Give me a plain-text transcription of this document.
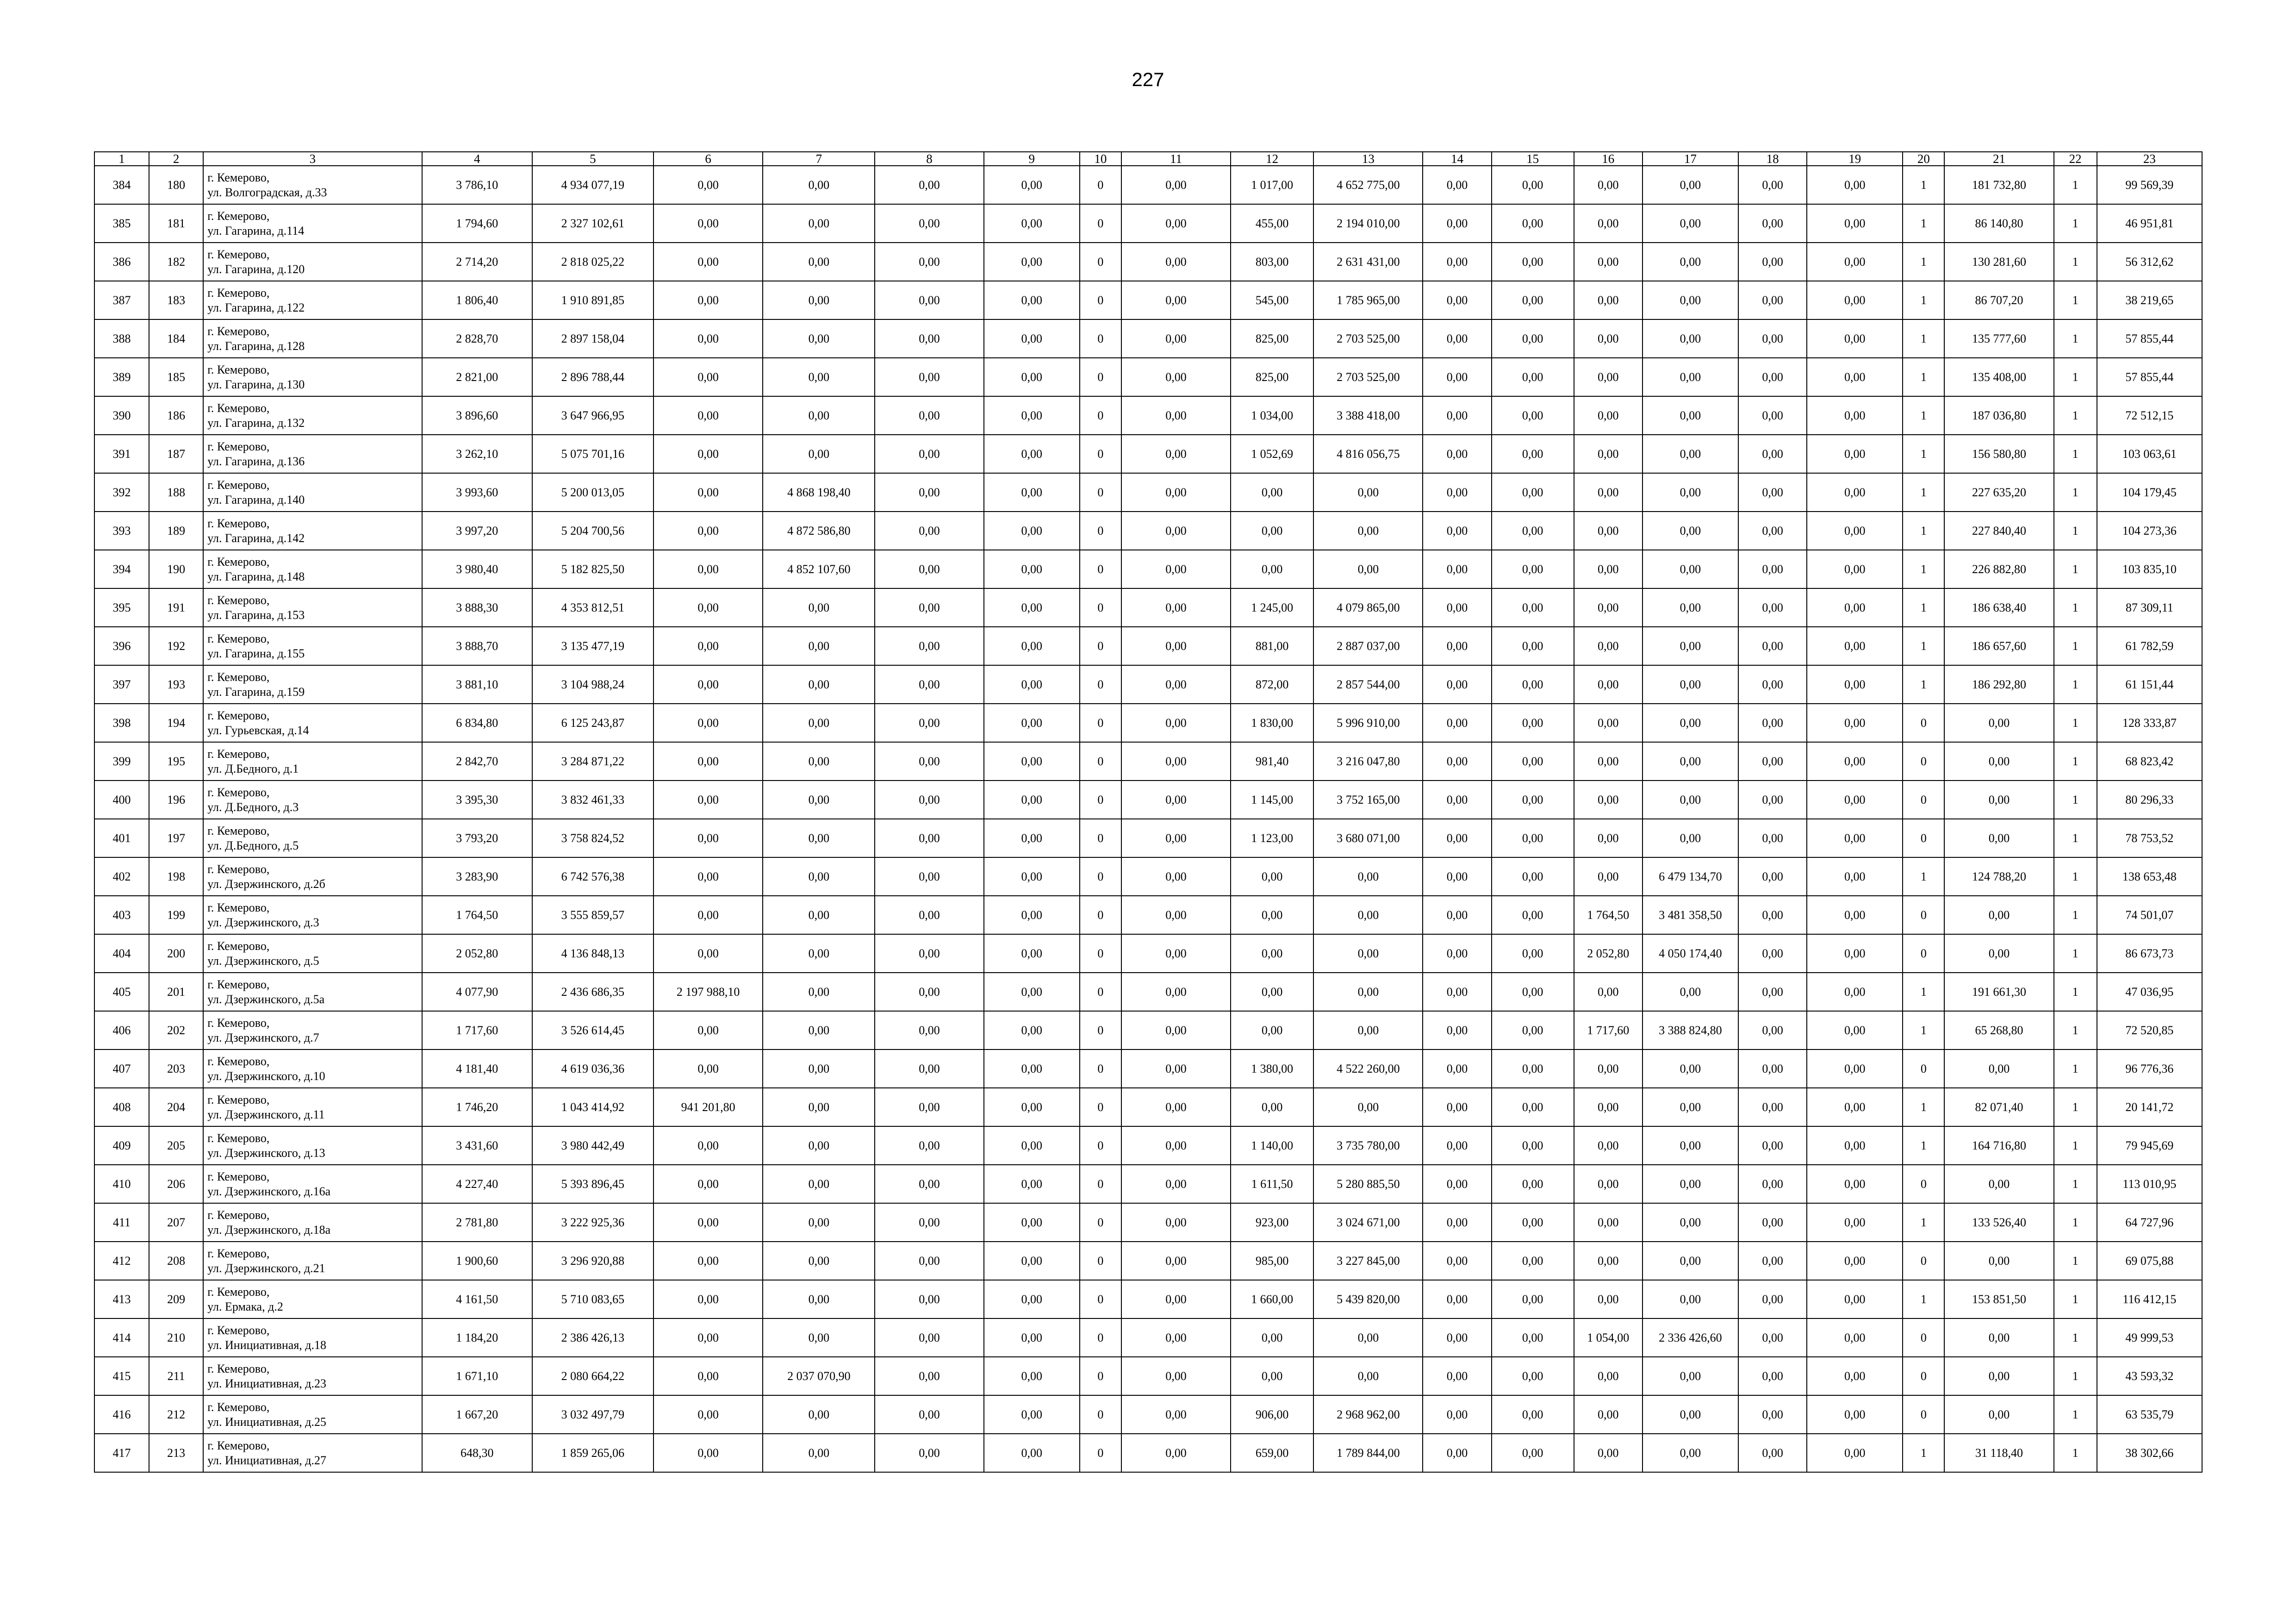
227
1	2	3	4	5	6	7	8	9	10	11	12	13	14	15	16	17	18	19	20	21	22	23
384	180	г. Кемерово,
ул. Волгоградская, д.33	3 786,10	4 934 077,19	0,00	0,00	0,00	0,00	0	0,00	1 017,00	4 652 775,00	0,00	0,00	0,00	0,00	0,00	0,00	1	181 732,80	1	99 569,39
385	181	г. Кемерово,
ул. Гагарина, д.114	1 794,60	2 327 102,61	0,00	0,00	0,00	0,00	0	0,00	455,00	2 194 010,00	0,00	0,00	0,00	0,00	0,00	0,00	1	86 140,80	1	46 951,81
386	182	г. Кемерово,
ул. Гагарина, д.120	2 714,20	2 818 025,22	0,00	0,00	0,00	0,00	0	0,00	803,00	2 631 431,00	0,00	0,00	0,00	0,00	0,00	0,00	1	130 281,60	1	56 312,62
387	183	г. Кемерово,
ул. Гагарина, д.122	1 806,40	1 910 891,85	0,00	0,00	0,00	0,00	0	0,00	545,00	1 785 965,00	0,00	0,00	0,00	0,00	0,00	0,00	1	86 707,20	1	38 219,65
388	184	г. Кемерово,
ул. Гагарина, д.128	2 828,70	2 897 158,04	0,00	0,00	0,00	0,00	0	0,00	825,00	2 703 525,00	0,00	0,00	0,00	0,00	0,00	0,00	1	135 777,60	1	57 855,44
389	185	г. Кемерово,
ул. Гагарина, д.130	2 821,00	2 896 788,44	0,00	0,00	0,00	0,00	0	0,00	825,00	2 703 525,00	0,00	0,00	0,00	0,00	0,00	0,00	1	135 408,00	1	57 855,44
390	186	г. Кемерово,
ул. Гагарина, д.132	3 896,60	3 647 966,95	0,00	0,00	0,00	0,00	0	0,00	1 034,00	3 388 418,00	0,00	0,00	0,00	0,00	0,00	0,00	1	187 036,80	1	72 512,15
391	187	г. Кемерово,
ул. Гагарина, д.136	3 262,10	5 075 701,16	0,00	0,00	0,00	0,00	0	0,00	1 052,69	4 816 056,75	0,00	0,00	0,00	0,00	0,00	0,00	1	156 580,80	1	103 063,61
392	188	г. Кемерово,
ул. Гагарина, д.140	3 993,60	5 200 013,05	0,00	4 868 198,40	0,00	0,00	0	0,00	0,00	0,00	0,00	0,00	0,00	0,00	0,00	0,00	1	227 635,20	1	104 179,45
393	189	г. Кемерово,
ул. Гагарина, д.142	3 997,20	5 204 700,56	0,00	4 872 586,80	0,00	0,00	0	0,00	0,00	0,00	0,00	0,00	0,00	0,00	0,00	0,00	1	227 840,40	1	104 273,36
394	190	г. Кемерово,
ул. Гагарина, д.148	3 980,40	5 182 825,50	0,00	4 852 107,60	0,00	0,00	0	0,00	0,00	0,00	0,00	0,00	0,00	0,00	0,00	0,00	1	226 882,80	1	103 835,10
395	191	г. Кемерово,
ул. Гагарина, д.153	3 888,30	4 353 812,51	0,00	0,00	0,00	0,00	0	0,00	1 245,00	4 079 865,00	0,00	0,00	0,00	0,00	0,00	0,00	1	186 638,40	1	87 309,11
396	192	г. Кемерово,
ул. Гагарина, д.155	3 888,70	3 135 477,19	0,00	0,00	0,00	0,00	0	0,00	881,00	2 887 037,00	0,00	0,00	0,00	0,00	0,00	0,00	1	186 657,60	1	61 782,59
397	193	г. Кемерово,
ул. Гагарина, д.159	3 881,10	3 104 988,24	0,00	0,00	0,00	0,00	0	0,00	872,00	2 857 544,00	0,00	0,00	0,00	0,00	0,00	0,00	1	186 292,80	1	61 151,44
398	194	г. Кемерово,
ул. Гурьевская, д.14	6 834,80	6 125 243,87	0,00	0,00	0,00	0,00	0	0,00	1 830,00	5 996 910,00	0,00	0,00	0,00	0,00	0,00	0,00	0	0,00	1	128 333,87
399	195	г. Кемерово,
ул. Д.Бедного, д.1	2 842,70	3 284 871,22	0,00	0,00	0,00	0,00	0	0,00	981,40	3 216 047,80	0,00	0,00	0,00	0,00	0,00	0,00	0	0,00	1	68 823,42
400	196	г. Кемерово,
ул. Д.Бедного, д.3	3 395,30	3 832 461,33	0,00	0,00	0,00	0,00	0	0,00	1 145,00	3 752 165,00	0,00	0,00	0,00	0,00	0,00	0,00	0	0,00	1	80 296,33
401	197	г. Кемерово,
ул. Д.Бедного, д.5	3 793,20	3 758 824,52	0,00	0,00	0,00	0,00	0	0,00	1 123,00	3 680 071,00	0,00	0,00	0,00	0,00	0,00	0,00	0	0,00	1	78 753,52
402	198	г. Кемерово,
ул. Дзержинского, д.2б	3 283,90	6 742 576,38	0,00	0,00	0,00	0,00	0	0,00	0,00	0,00	0,00	0,00	0,00	6 479 134,70	0,00	0,00	1	124 788,20	1	138 653,48
403	199	г. Кемерово,
ул. Дзержинского, д.3	1 764,50	3 555 859,57	0,00	0,00	0,00	0,00	0	0,00	0,00	0,00	0,00	0,00	1 764,50	3 481 358,50	0,00	0,00	0	0,00	1	74 501,07
404	200	г. Кемерово,
ул. Дзержинского, д.5	2 052,80	4 136 848,13	0,00	0,00	0,00	0,00	0	0,00	0,00	0,00	0,00	0,00	2 052,80	4 050 174,40	0,00	0,00	0	0,00	1	86 673,73
405	201	г. Кемерово,
ул. Дзержинского, д.5а	4 077,90	2 436 686,35	2 197 988,10	0,00	0,00	0,00	0	0,00	0,00	0,00	0,00	0,00	0,00	0,00	0,00	0,00	1	191 661,30	1	47 036,95
406	202	г. Кемерово,
ул. Дзержинского, д.7	1 717,60	3 526 614,45	0,00	0,00	0,00	0,00	0	0,00	0,00	0,00	0,00	0,00	1 717,60	3 388 824,80	0,00	0,00	1	65 268,80	1	72 520,85
407	203	г. Кемерово,
ул. Дзержинского, д.10	4 181,40	4 619 036,36	0,00	0,00	0,00	0,00	0	0,00	1 380,00	4 522 260,00	0,00	0,00	0,00	0,00	0,00	0,00	0	0,00	1	96 776,36
408	204	г. Кемерово,
ул. Дзержинского, д.11	1 746,20	1 043 414,92	941 201,80	0,00	0,00	0,00	0	0,00	0,00	0,00	0,00	0,00	0,00	0,00	0,00	0,00	1	82 071,40	1	20 141,72
409	205	г. Кемерово,
ул. Дзержинского, д.13	3 431,60	3 980 442,49	0,00	0,00	0,00	0,00	0	0,00	1 140,00	3 735 780,00	0,00	0,00	0,00	0,00	0,00	0,00	1	164 716,80	1	79 945,69
410	206	г. Кемерово,
ул. Дзержинского, д.16а	4 227,40	5 393 896,45	0,00	0,00	0,00	0,00	0	0,00	1 611,50	5 280 885,50	0,00	0,00	0,00	0,00	0,00	0,00	0	0,00	1	113 010,95
411	207	г. Кемерово,
ул. Дзержинского, д.18а	2 781,80	3 222 925,36	0,00	0,00	0,00	0,00	0	0,00	923,00	3 024 671,00	0,00	0,00	0,00	0,00	0,00	0,00	1	133 526,40	1	64 727,96
412	208	г. Кемерово,
ул. Дзержинского, д.21	1 900,60	3 296 920,88	0,00	0,00	0,00	0,00	0	0,00	985,00	3 227 845,00	0,00	0,00	0,00	0,00	0,00	0,00	0	0,00	1	69 075,88
413	209	г. Кемерово,
ул. Ермака, д.2	4 161,50	5 710 083,65	0,00	0,00	0,00	0,00	0	0,00	1 660,00	5 439 820,00	0,00	0,00	0,00	0,00	0,00	0,00	1	153 851,50	1	116 412,15
414	210	г. Кемерово,
ул. Инициативная, д.18	1 184,20	2 386 426,13	0,00	0,00	0,00	0,00	0	0,00	0,00	0,00	0,00	0,00	1 054,00	2 336 426,60	0,00	0,00	0	0,00	1	49 999,53
415	211	г. Кемерово,
ул. Инициативная, д.23	1 671,10	2 080 664,22	0,00	2 037 070,90	0,00	0,00	0	0,00	0,00	0,00	0,00	0,00	0,00	0,00	0,00	0,00	0	0,00	1	43 593,32
416	212	г. Кемерово,
ул. Инициативная, д.25	1 667,20	3 032 497,79	0,00	0,00	0,00	0,00	0	0,00	906,00	2 968 962,00	0,00	0,00	0,00	0,00	0,00	0,00	0	0,00	1	63 535,79
417	213	г. Кемерово,
ул. Инициативная, д.27	648,30	1 859 265,06	0,00	0,00	0,00	0,00	0	0,00	659,00	1 789 844,00	0,00	0,00	0,00	0,00	0,00	0,00	1	31 118,40	1	38 302,66
